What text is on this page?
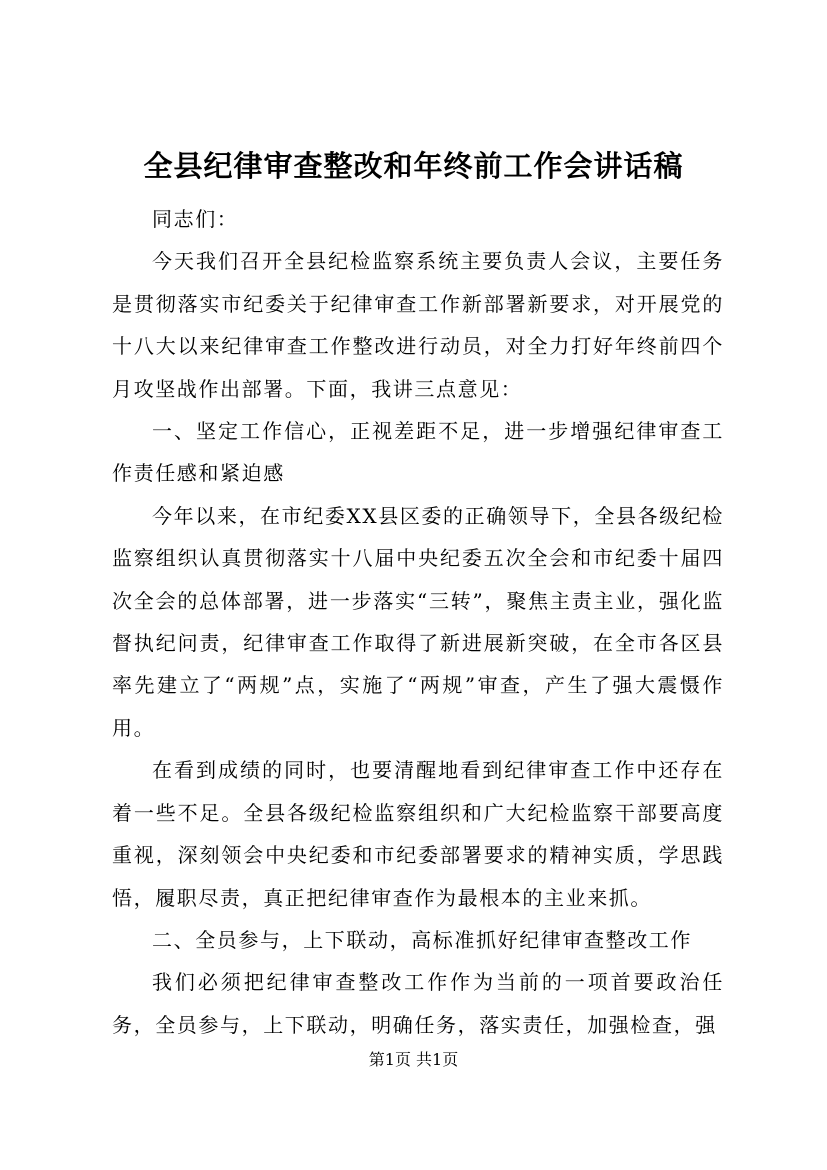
全县纪律审查整改和年终前工作会讲话稿

同志们：

今天我们召开全县纪检监察系统主要负责人会议，主要任务是贯彻落实市纪委关于纪律审查工作新部署新要求，对开展党的十八大以来纪律审查工作整改进行动员，对全力打好年终前四个月攻坚战作出部署。下面，我讲三点意见：

一、坚定工作信心，正视差距不足，进一步增强纪律审查工作责任感和紧迫感

今年以来，在市纪委XX县区委的正确领导下，全县各级纪检监察组织认真贯彻落实十八届中央纪委五次全会和市纪委十届四次全会的总体部署，进一步落实“三转”，聚焦主责主业，强化监督执纪问责，纪律审查工作取得了新进展新突破，在全市各区县率先建立了“两规”点，实施了“两规”审查，产生了强大震慑作用。

在看到成绩的同时，也要清醒地看到纪律审查工作中还存在着一些不足。全县各级纪检监察组织和广大纪检监察干部要高度重视，深刻领会中央纪委和市纪委部署要求的精神实质，学思践悟，履职尽责，真正把纪律审查作为最根本的主业来抓。

二、全员参与，上下联动，高标准抓好纪律审查整改工作

我们必须把纪律审查整改工作作为当前的一项首要政治任务，全员参与，上下联动，明确任务，落实责任，加强检查，强

第1页 共1页
